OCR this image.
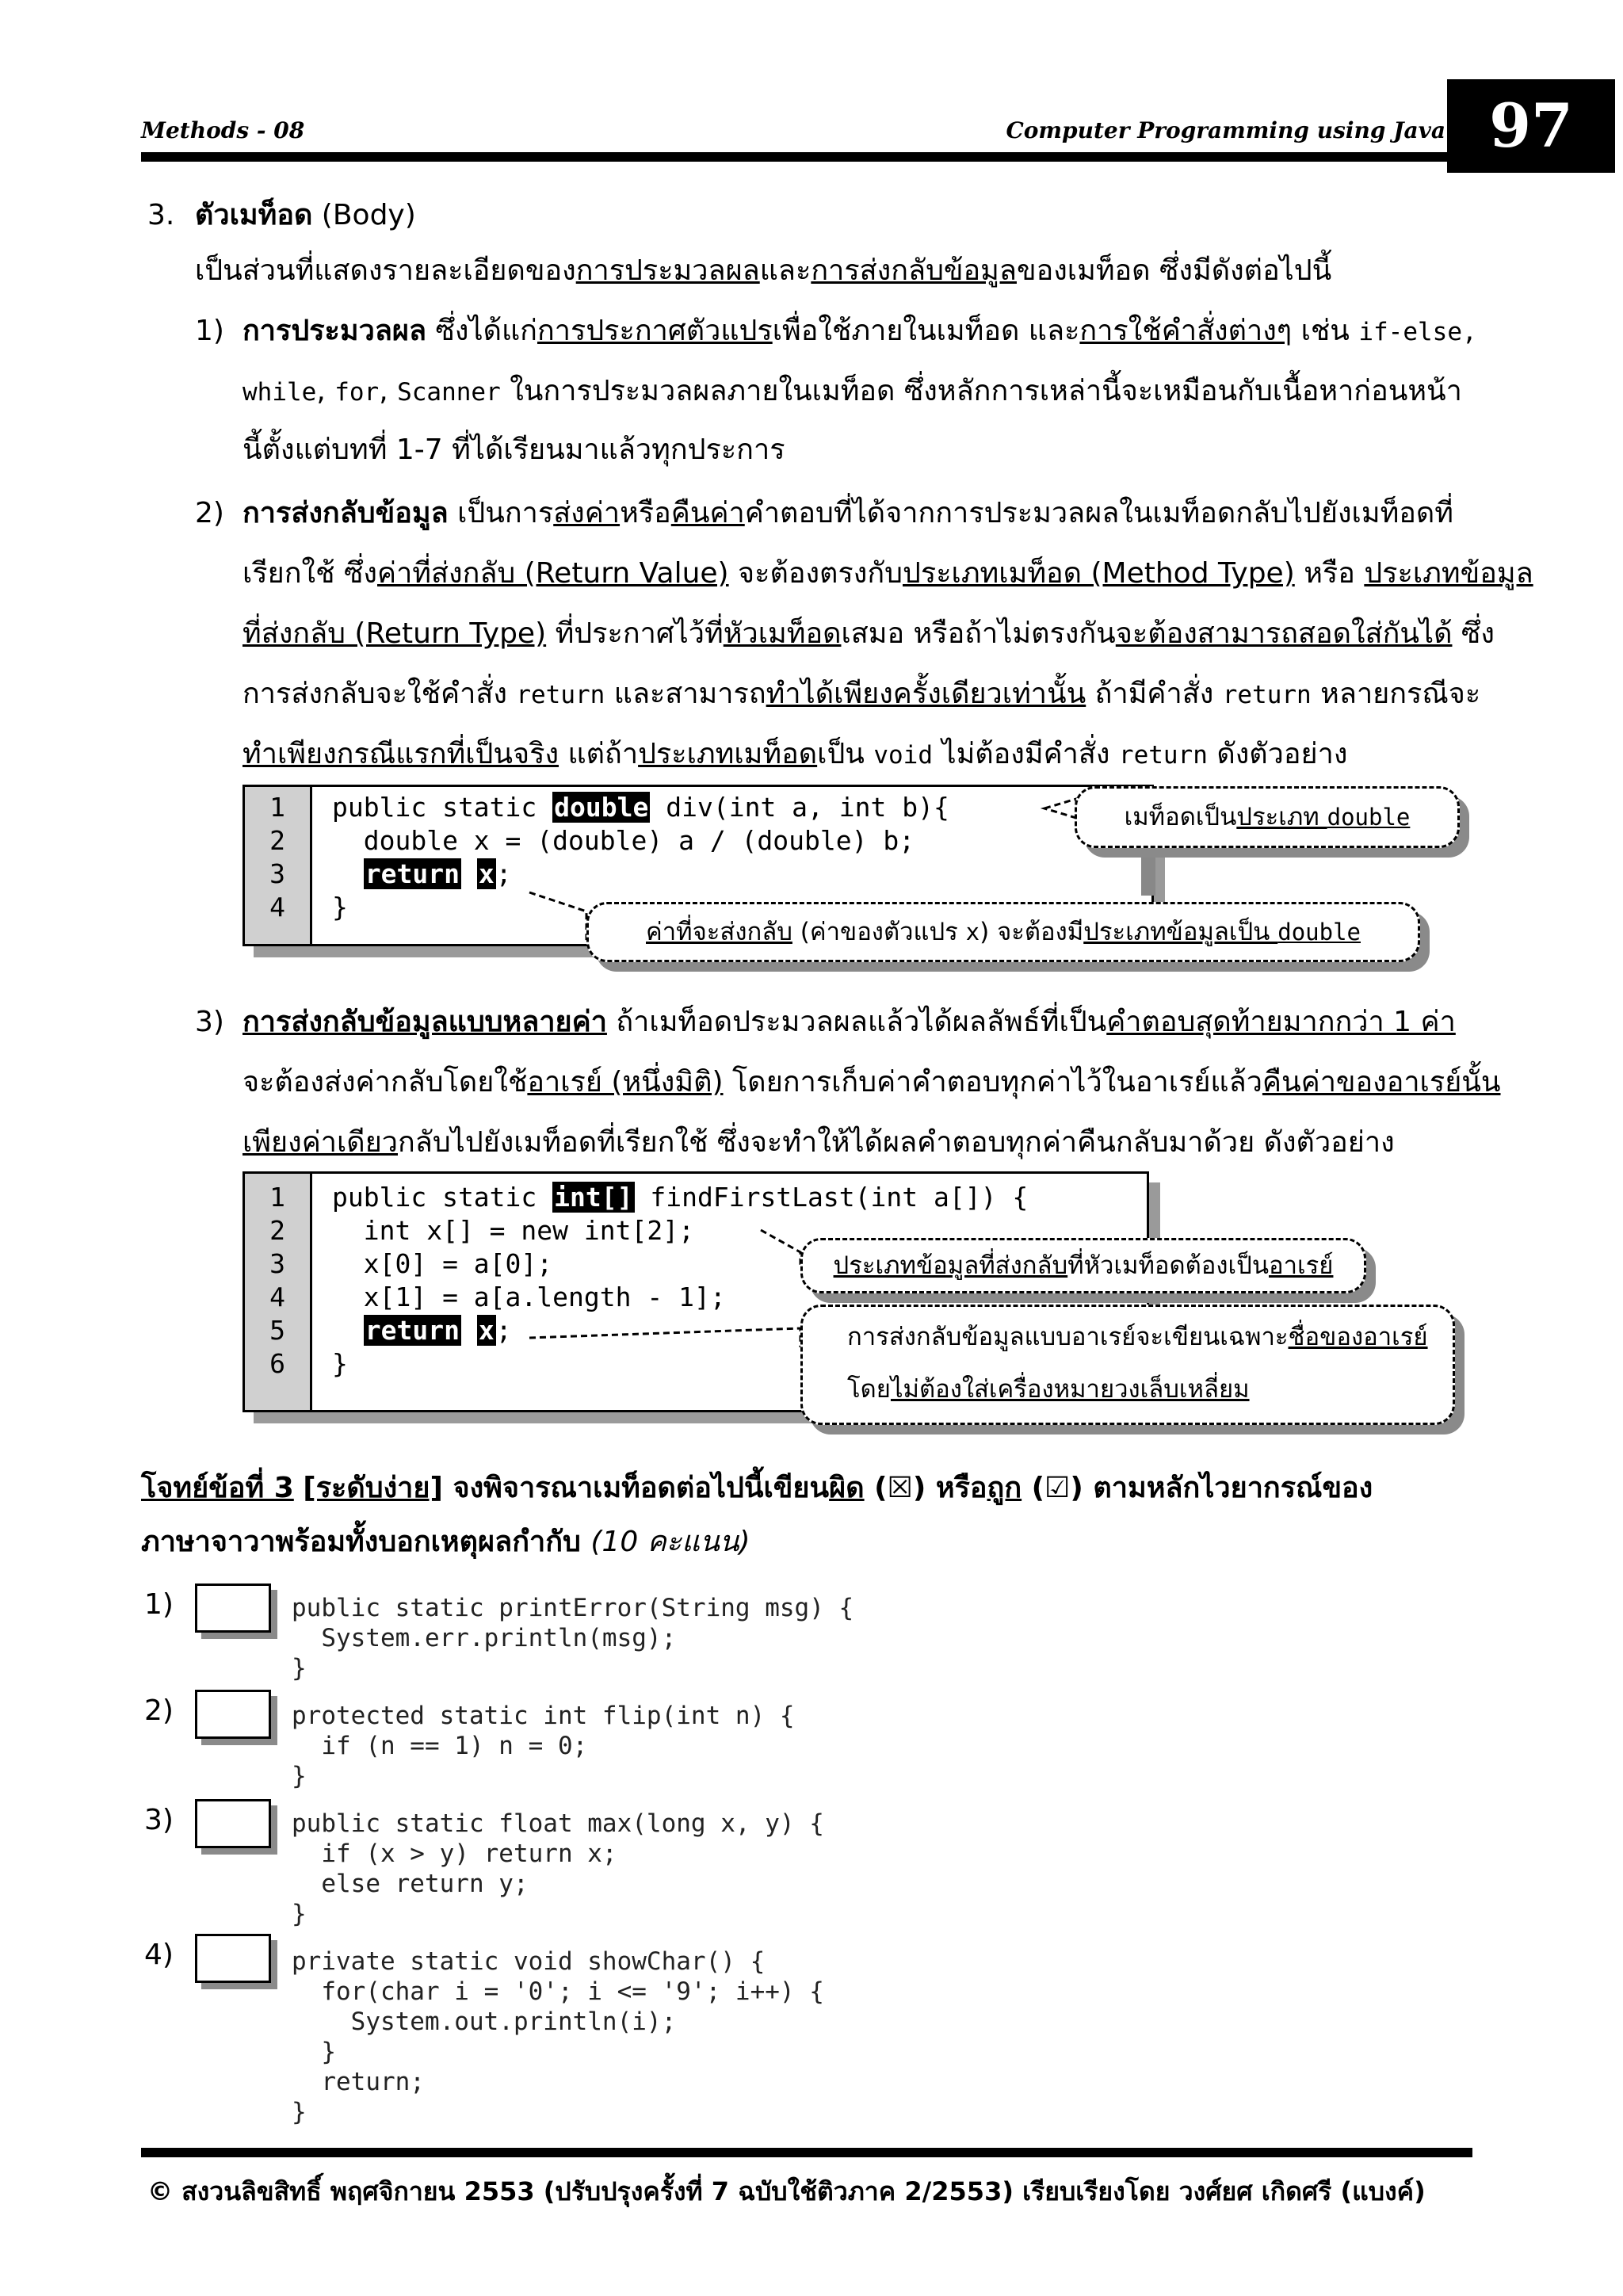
Methods - 08	Computer Programming using Java 97
3. ตัวเมท็อด (Body)
เป็นส่วนที่แสดงรายละเอียดของการประมวลผลและการส่งกลับข้อมูลของเมท็อด ซึ่งมีดังต่อไปนี้
1) การประมวลผล ซึ่งได้แก่การประกาศตัวแปรเพื่อใช้ภายในเมท็อด และการใช้คำสั่งต่างๆ เช่น if-else,
while, for, Scanner ในการประมวลผลภายในเมท็อด ซึ่งหลักการเหล่านี้จะเหมือนกับเนื้อหาก่อนหน้า
นี้ตั้งแต่บทที่ 1-7 ที่ได้เรียนมาแล้วทุกประการ
2) การส่งกลับข้อมูล เป็นการส่งค่าหรือคืนค่าคำตอบที่ได้จากการประมวลผลในเมท็อดกลับไปยังเมท็อดที่
เรียกใช้ ซึ่งค่าที่ส่งกลับ (Return Value) จะต้องตรงกับประเภทเมท็อด (Method Type) หรือ ประเภทข้อมูล
ที่ส่งกลับ (Return Type) ที่ประกาศไว้ที่หัวเมท็อดเสมอ หรือถ้าไม่ตรงกันจะต้องสามารถสอดใส่กันได้ ซึ่ง
การส่งกลับจะใช้คำสั่ง return และสามารถทำได้เพียงครั้งเดียวเท่านั้น ถ้ามีคำสั่ง return หลายกรณีจะ
ทำเพียงกรณีแรกที่เป็นจริง แต่ถ้าประเภทเมท็อดเป็น void ไม่ต้องมีคำสั่ง return ดังตัวอย่าง
1
2
3
4
public static double div(int a, int b){
double x = (double) a / (double) b;
return x;
}
เมท็อดเป็นประเภท double
ค่าที่จะส่งกลับ (ค่าของตัวแปร x) จะต้องมีประเภทข้อมูลเป็น double
3) การส่งกลับข้อมูลแบบหลายค่า ถ้าเมท็อดประมวลผลแล้วได้ผลลัพธ์ที่เป็นคำตอบสุดท้ายมากกว่า 1 ค่า
จะต้องส่งค่ากลับโดยใช้อาเรย์ (หนึ่งมิติ) โดยการเก็บค่าคำตอบทุกค่าไว้ในอาเรย์แล้วคืนค่าของอาเรย์นั้น
เพียงค่าเดียวกลับไปยังเมท็อดที่เรียกใช้ ซึ่งจะทำให้ได้ผลคำตอบทุกค่าคืนกลับมาด้วย ดังตัวอย่าง
1
2
3
4
5
6
public static int[] findFirstLast(int a[]) {
int x[] = new int[2];
x[0] = a[0];
x[1] = a[a.length - 1];
return x;
}
ประเภทข้อมูลที่ส่งกลับที่หัวเมท็อดต้องเป็นอาเรย์
การส่งกลับข้อมูลแบบอาเรย์จะเขียนเฉพาะชื่อของอาเรย์
โดยไม่ต้องใส่เครื่องหมายวงเล็บเหลี่ยม
โจทย์ข้อที่ 3 [ระดับง่าย] จงพิจารณาเมท็อดต่อไปนี้เขียนผิด (☒) หรือถูก (☑) ตามหลักไวยากรณ์ของ
ภาษาจาวาพร้อมทั้งบอกเหตุผลกำกับ (10 คะแนน)
1)	public static printError(String msg) {
System.err.println(msg);
}
2)	protected static int flip(int n) {
if (n == 1) n = 0;
}
3)	public static float max(long x, y) {
if (x > y) return x;
else return y;
}
4)	private static void showChar() {
for(char i = '0'; i <= '9'; i++) {
System.out.println(i);
}
return;
}
© สงวนลิขสิทธิ์ พฤศจิกายน 2553 (ปรับปรุงครั้งที่ 7 ฉบับใช้ติวภาค 2/2553) เรียบเรียงโดย วงศ์ยศ เกิดศรี (แบงค์)
